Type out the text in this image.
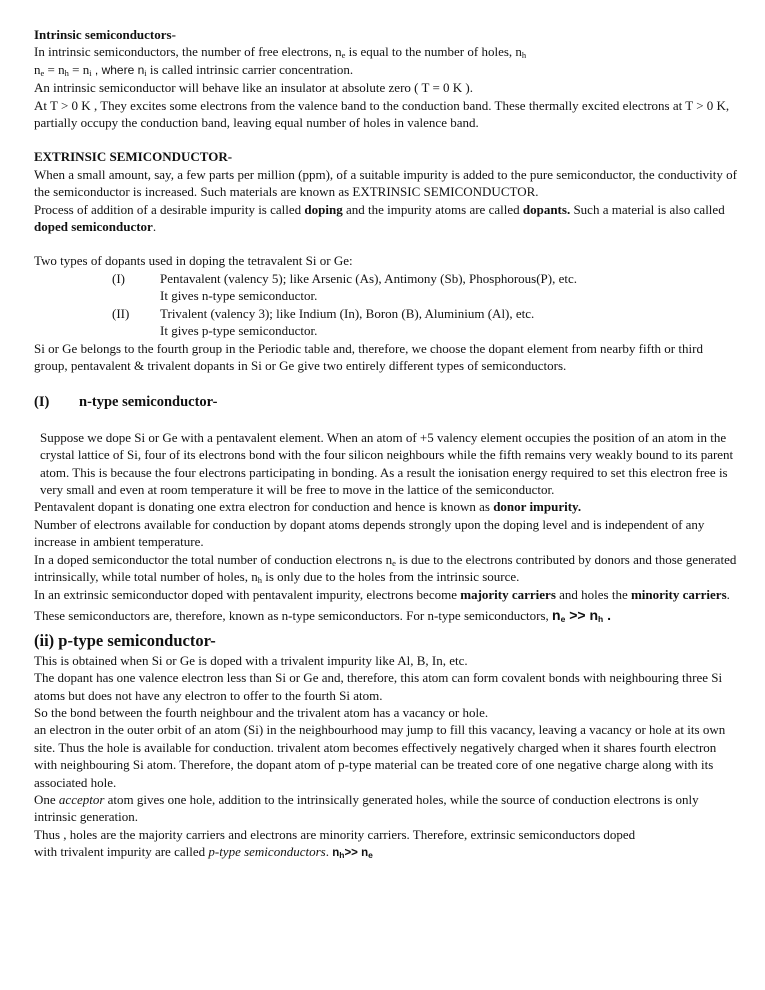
Intrinsic semiconductors-

In intrinsic semiconductors, the number of free electrons, $n_e$ is equal to the number of holes, $n_h$

$n_e = n_h = n_i$ , where $n_i$ is called intrinsic carrier concentration.

An intrinsic semiconductor will behave like an insulator at absolute zero ( T = 0 K ).

At T > 0 K , They excites some electrons from the valence band to the conduction band. These thermally excited electrons at T > 0 K, partially occupy the conduction band, leaving equal number of holes in valence band.

EXTRINSIC SEMICONDUCTOR-

When a small amount, say, a few parts per million (ppm), of a suitable impurity is added to the pure semiconductor, the conductivity of the semiconductor is increased. Such materials are known as EXTRINSIC SEMICONDUCTOR.

Process of addition of a desirable impurity is called doping and the impurity atoms are called dopants. Such a material is also called doped semiconductor.

Two types of dopants used in doping the tetravalent Si or Ge:

(I)	Pentavalent (valency 5); like Arsenic (As), Antimony (Sb), Phosphorous(P), etc.
It gives n-type semiconductor.
(II)	Trivalent (valency 3); like Indium (In), Boron (B), Aluminium (Al), etc.
It gives p-type semiconductor.

Si or Ge belongs to the fourth group in the Periodic table and, therefore, we choose the dopant element from nearby fifth or third group, pentavalent & trivalent dopants in Si or Ge give two entirely different types of semiconductors.

(I)	n-type semiconductor-

Suppose we dope Si or Ge with a pentavalent element. When an atom of +5 valency element occupies the position of an atom in the crystal lattice of Si, four of its electrons bond with the four silicon neighbours while the fifth remains very weakly bound to its parent atom. This is because the four electrons participating in bonding. As a result the ionisation energy required to set this electron free is very small and even at room temperature it will be free to move in the lattice of the semiconductor.

Pentavalent dopant is donating one extra electron for conduction and hence is known as donor impurity.

Number of electrons available for conduction by dopant atoms depends strongly upon the doping level and is independent of any increase in ambient temperature.

In a doped semiconductor the total number of conduction electrons $n_e$ is due to the electrons contributed by donors and those generated intrinsically, while total number of holes, $n_h$ is only due to the holes from the intrinsic source.

In an extrinsic semiconductor doped with pentavalent impurity, electrons become majority carriers and holes the minority carriers. These semiconductors are, therefore, known as n-type semiconductors. For n-type semiconductors, $n_e >> n_h$ .

(ii) p-type semiconductor-

This is obtained when Si or Ge is doped with a trivalent impurity like Al, B, In, etc.

The dopant has one valence electron less than Si or Ge and, therefore, this atom can form covalent bonds with neighbouring three Si atoms but does not have any electron to offer to the fourth Si atom.

So the bond between the fourth neighbour and the trivalent atom has a vacancy or hole.

an electron in the outer orbit of an atom (Si) in the neighbourhood may jump to fill this vacancy, leaving a vacancy or hole at its own site. Thus the hole is available for conduction. trivalent atom becomes effectively negatively charged when it shares fourth electron with neighbouring Si atom. Therefore, the dopant atom of p-type material can be treated core of one negative charge along with its associated hole.

One acceptor atom gives one hole, addition to the intrinsically generated holes, while the source of conduction electrons is only intrinsic generation.

Thus , holes are the majority carriers and electrons are minority carriers. Therefore, extrinsic semiconductors doped

with trivalent impurity are called p-type semiconductors. $n_h>> n_e$
